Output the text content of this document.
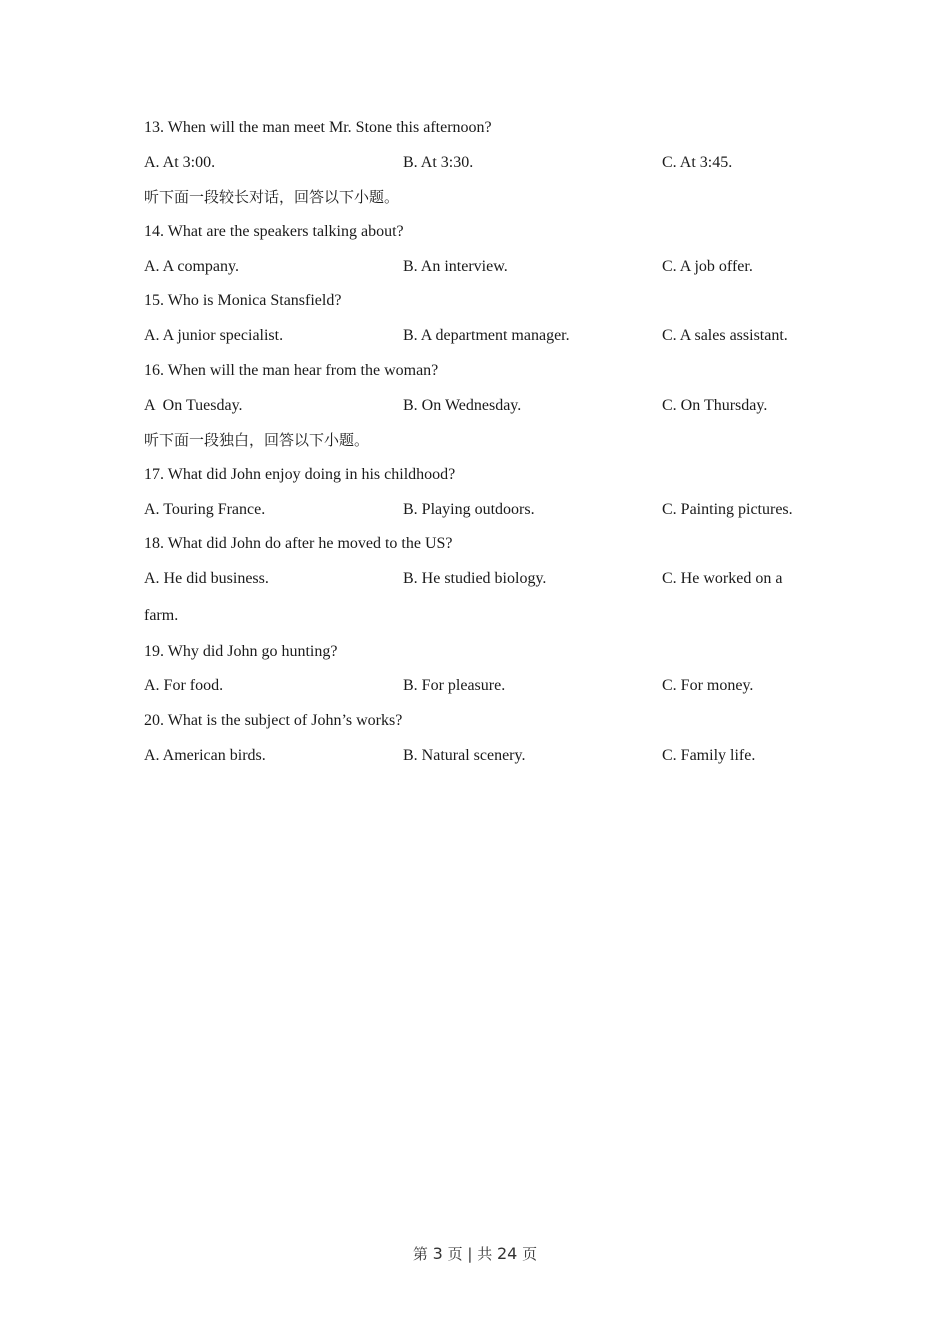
13. When will the man meet Mr. Stone this afternoon?
A. At 3:00.	B. At 3:30.	C. At 3:45.
听下面一段较长对话，回答以下小题。
14. What are the speakers talking about?
A. A company.	B. An interview.	C. A job offer.
15. Who is Monica Stansfield?
A. A junior specialist.	B. A department manager.	C. A sales assistant.
16. When will the man hear from the woman?
A  On Tuesday.	B. On Wednesday.	C. On Thursday.
听下面一段独白，回答以下小题。
17. What did John enjoy doing in his childhood?
A. Touring France.	B. Playing outdoors.	C. Painting pictures.
18. What did John do after he moved to the US?
A. He did business.	B. He studied biology.	C. He worked on a
farm.
19. Why did John go hunting?
A. For food.	B. For pleasure.	C. For money.
20. What is the subject of John’s works?
A. American birds.	B. Natural scenery.	C. Family life.
第 3 页 | 共 24 页
